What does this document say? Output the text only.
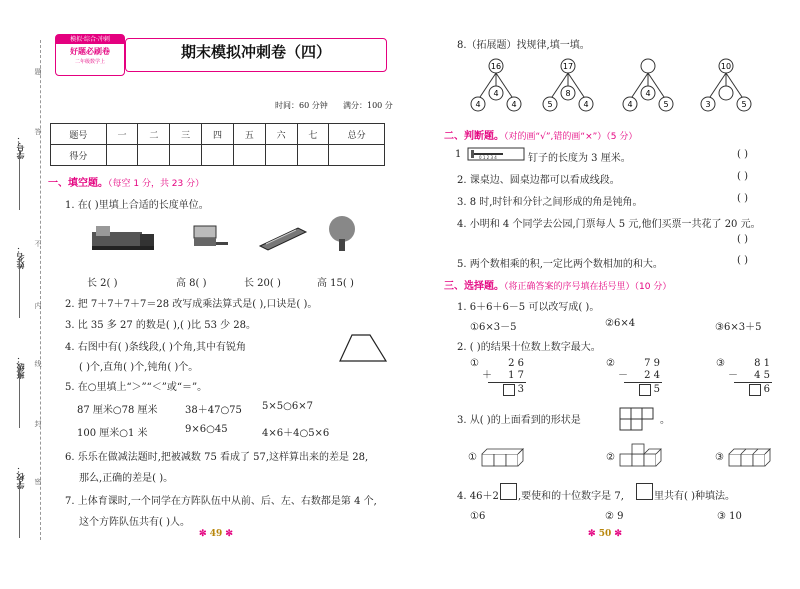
学号：
姓名：
班级：
学校：
题
答
不
内
线
封
密
模拟·综合·冲刺
好题必刷卷
二年级数学上
期末模拟冲刺卷（四）
时间：60 分钟 满分：100 分
题号	一	二	三	四	五	六	七	总分
得分								
一、填空题。（每空 1 分，共 23 分）
1. 在( )里填上合适的长度单位。
长 2( )	高 8( )	长 20( )	高 15( )
2. 把 7＋7＋7＋7＝28 改写成乘法算式是( ),口诀是( )。
3. 比 35 多 27 的数是( ),( )比 53 少 28。
4. 右图中有( )条线段,( )个角,其中有锐角
( )个,直角( )个,钝角( )个。
5. 在○里填上“＞”“＜”或“＝”。
87 厘米○78 厘米	38＋47○75 5×5○6×7
100 厘米○1 米	9×6○45	4×6＋4○5×6
6. 乐乐在做减法题时,把被减数 75 看成了 57,这样算出来的差是 28,
那么,正确的差是( )。
7. 上体育课时,一个同学在方阵队伍中从前、后、左、右数都是第 4 个,
这个方阵队伍共有( )人。
✼ 49 ✼
8.（拓展题）找规律,填一填。
16
4
4
4
17
5
8
4	4
4
5
10
3	5
二、判断题。（对的画“√”,错的画“×”）（5 分）
1	0 1 2 3 4	钉子的长度为 3 厘米。	( )
2. 课桌边、圆桌边都可以看成线段。	( )
3. 8 时,时针和分针之间形成的角是钝角。	( )
4. 小明和 4 个同学去公园,门票每人 5 元,他们买票一共花了 20 元。
( )
5. 两个数相乘的积,一定比两个数相加的和大。	( )
三、选择题。（将正确答案的序号填在括号里）（10 分）
1. 6＋6＋6－5 可以改写成( )。
①6×3－5	②6×4	③6×3＋5
2. ( )的结果十位数上数字最大。
①	2 6
＋	1 7
3
②	7 9
－	2 4
5
③	8 1
－	4 5
6
3. 从( )的上面看到的形状是	。
①	②	③
4. 46＋2 ,要使和的十位数字是 7,	里共有( )种填法。
①6	② 9	③ 10
✼ 50 ✼
